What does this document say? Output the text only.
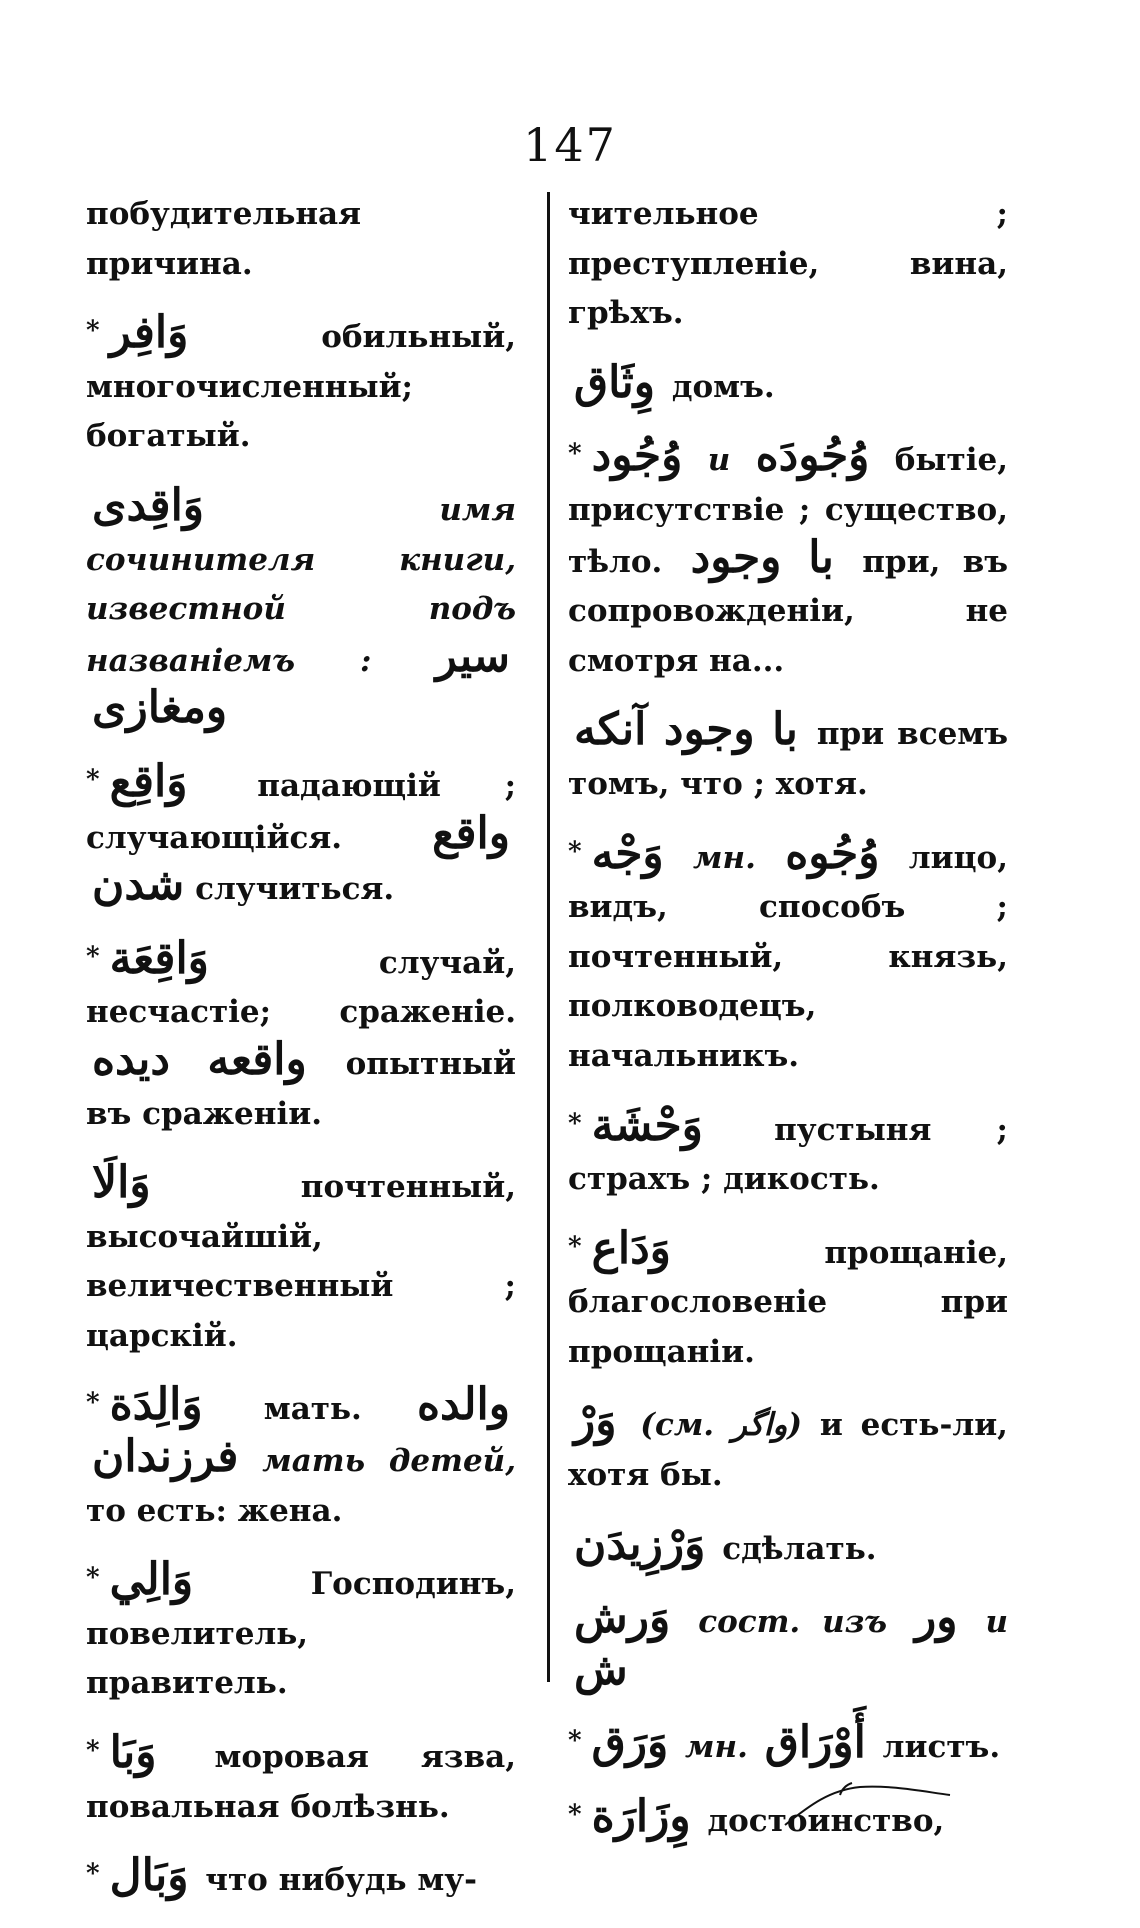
147

побудительная причина.

* وَافِر	обильный, многочисленный; богатый.

وَاقِدى	имя сочинителя книги, известной подъ названіемъ : سير ومغازى

* وَاقِع падающій ; случающійся. واقع شدن случиться.

* وَاقِعَة	случай, несчастіе; сраженіе. واقعه ديده опытный въ сраженіи.

وَالَا	почтенный, высочайшій, величественный ; царскій.

* وَالِدَة мать. والده فرزندان мать детей, то есть: жена.

* وَالِي	Господинъ, повелитель, правитель.

* وَبَا моровая язва, повальная болѣзнь.

* وَبَال что нибудь му-

чительное ; преступленіе, вина, грѣхъ.

وِثَاق домъ.

* وُجُود и وُجُودَه бытіе, присутствіе ; существо, тѣло. با وجود при, въ сопровожденіи, не смотря на...

با وجود آنكه при всемъ томъ, что ; хотя.

* وَجْه мн. وُجُوه лицо, видъ, способъ ; почтенный, князь, полководецъ, начальникъ.

* وَحْشَة пустыня ; страхъ ; дикость.

* وَدَاع	прощаніе, благословеніе при прощаніи.

وَرْ (см. واگر) и есть-ли, хотя бы.

وَرْزِيدَن сдѣлать.

وَرش сост. изъ ور и ش

* وَرَق мн. أَوْرَاق листъ.

* وِزَارَة достоинство,
